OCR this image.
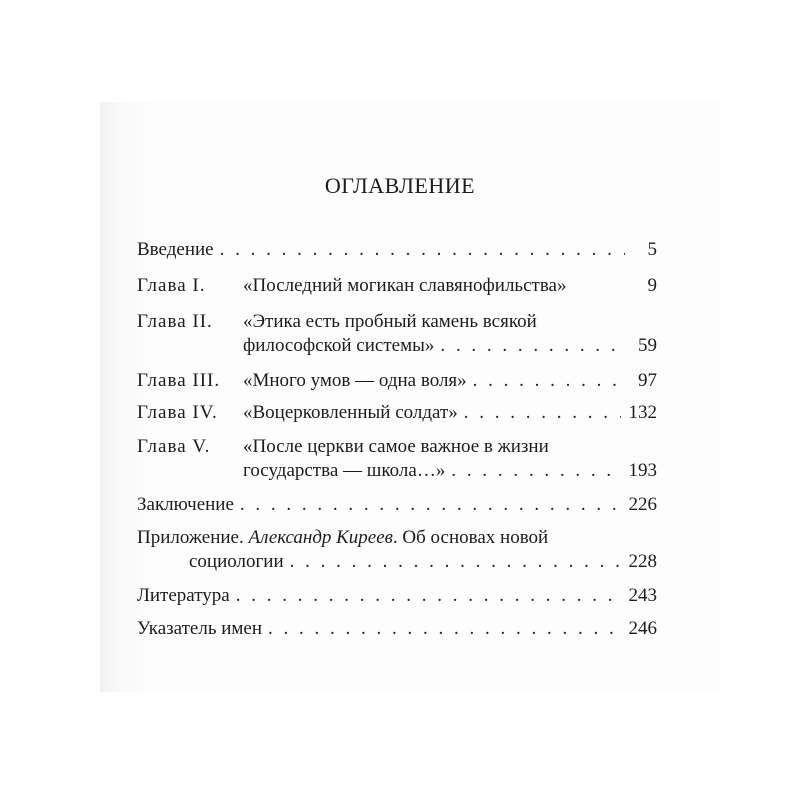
ОГЛАВЛЕНИЕ
Введение . . .	5
Глава I.	«Последний могикан славянофильства»	9
Глава II.	«Этика есть пробный камень всякой
философской системы» . . .	59
Глава III.	«Много умов — одна воля» . . .	97
Глава IV.	«Воцерковленный солдат» . . .	132
Глава V.	«После церкви самое важное в жизни
государства — школа…» . . .	193
Заключение . . .	226
Приложение. Александр Киреев. Об основах новой
социологии . . .	228
Литература . . .	243
Указатель имен . . .	246
